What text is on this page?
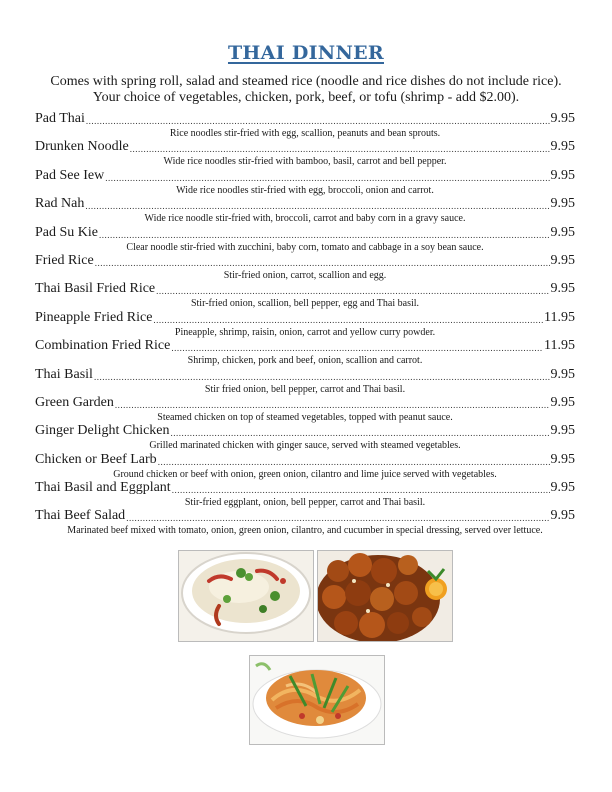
THAI DINNER
Comes with spring roll, salad and steamed rice (noodle and rice dishes do not include rice).
Your choice of vegetables, chicken, pork, beef, or tofu (shrimp - add $2.00).
Pad Thai .....	9.95
Rice noodles stir-fried with egg, scallion, peanuts and bean sprouts.
Drunken Noodle .....	9.95
Wide rice noodles stir-fried with bamboo, basil, carrot and bell pepper.
Pad See Iew .....	9.95
Wide rice noodles stir-fried with egg, broccoli, onion and carrot.
Rad Nah .....	9.95
Wide rice noodle stir-fried with, broccoli, carrot and baby corn in a gravy sauce.
Pad Su Kie .....	9.95
Clear noodle stir-fried with zucchini, baby corn, tomato and cabbage in a soy bean sauce.
Fried Rice .....	9.95
Stir-fried onion, carrot, scallion and egg.
Thai Basil Fried Rice .....	9.95
Stir-fried onion, scallion, bell pepper, egg and Thai basil.
Pineapple Fried Rice .....	11.95
Pineapple, shrimp, raisin, onion, carrot and yellow curry powder.
Combination Fried Rice .....	11.95
Shrimp, chicken, pork and beef, onion, scallion and carrot.
Thai Basil .....	9.95
Stir fried onion, bell pepper, carrot and Thai basil.
Green Garden .....	9.95
Steamed chicken on top of steamed vegetables, topped with peanut sauce.
Ginger Delight Chicken .....	9.95
Grilled marinated chicken with ginger sauce, served with steamed vegetables.
Chicken or Beef Larb .....	9.95
Ground chicken or beef with onion, green onion, cilantro and lime juice served with vegetables.
Thai Basil and Eggplant .....	9.95
Stir-fried eggplant, onion, bell pepper, carrot and Thai basil.
Thai Beef Salad .....	9.95
Marinated beef mixed with tomato, onion, green onion, cilantro, and cucumber in special dressing, served over lettuce.
